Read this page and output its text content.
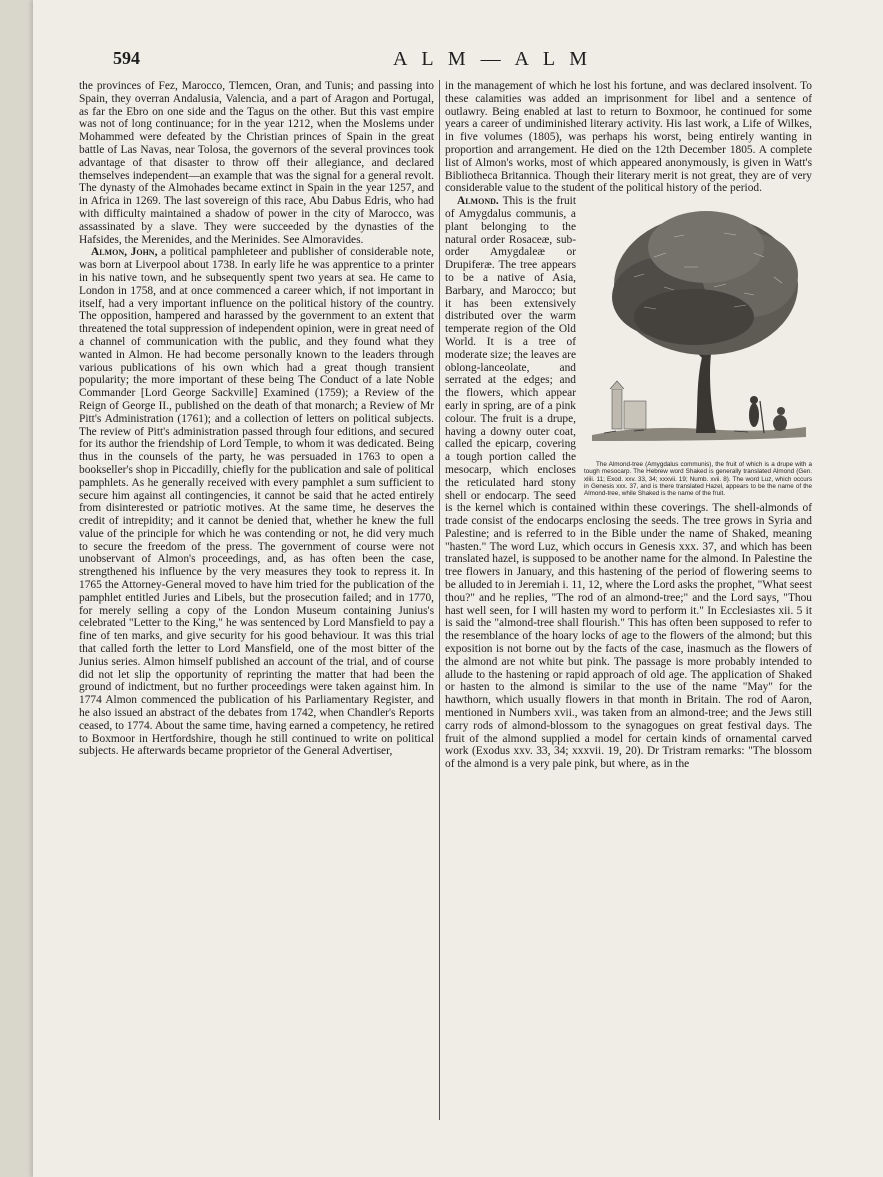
594	A L M — A L M

the provinces of Fez, Marocco, Tlemcen, Oran, and Tunis; and passing into Spain, they overran Andalusia, Valencia, and a part of Aragon and Portugal, as far the Ebro on one side and the Tagus on the other. But this vast empire was not of long continuance; for in the year 1212, when the Moslems under Mohammed were defeated by the Christian princes of Spain in the great battle of Las Navas, near Tolosa, the governors of the several provinces took advantage of that disaster to throw off their allegiance, and declared themselves independent—an example that was the signal for a general revolt. The dynasty of the Almohades became extinct in Spain in the year 1257, and in Africa in 1269. The last sovereign of this race, Abu Dabus Edris, who had with difficulty maintained a shadow of power in the city of Marocco, was assassinated by a slave. They were succeeded by the dynasties of the Hafsides, the Merenides, and the Merinides. See Almoravides.

Almon, John, a political pamphleteer and publisher of considerable note, was born at Liverpool about 1738. In early life he was apprentice to a printer in his native town, and he subsequently spent two years at sea. He came to London in 1758, and at once commenced a career which, if not important in itself, had a very important influence on the political history of the country. The opposition, hampered and harassed by the government to an extent that threatened the total suppression of independent opinion, were in great need of a channel of communication with the public, and they found what they wanted in Almon. He had become personally known to the leaders through various publications of his own which had a great though transient popularity; the more important of these being The Conduct of a late Noble Commander [Lord George Sackville] Examined (1759); a Review of the Reign of George II., published on the death of that monarch; a Review of Mr Pitt's Administration (1761); and a collection of letters on political subjects. The review of Pitt's administration passed through four editions, and secured for its author the friendship of Lord Temple, to whom it was dedicated. Being thus in the counsels of the party, he was persuaded in 1763 to open a bookseller's shop in Piccadilly, chiefly for the publication and sale of political pamphlets. As he generally received with every pamphlet a sum sufficient to secure him against all contingencies, it cannot be said that he acted entirely from disinterested or patriotic motives. At the same time, he deserves the credit of intrepidity; and it cannot be denied that, whether he knew the full value of the principle for which he was contending or not, he did very much to secure the freedom of the press. The government of course were not unobservant of Almon's proceedings, and, as has often been the case, strengthened his influence by the very measures they took to repress it. In 1765 the Attorney-General moved to have him tried for the publication of the pamphlet entitled Juries and Libels, but the prosecution failed; and in 1770, for merely selling a copy of the London Museum containing Junius's celebrated "Letter to the King," he was sentenced by Lord Mansfield to pay a fine of ten marks, and give security for his good behaviour. It was this trial that called forth the letter to Lord Mansfield, one of the most bitter of the Junius series. Almon himself published an account of the trial, and of course did not let slip the opportunity of reprinting the matter that had been the ground of indictment, but no further proceedings were taken against him. In 1774 Almon commenced the publication of his Parliamentary Register, and he also issued an abstract of the debates from 1742, when Chandler's Reports ceased, to 1774. About the same time, having earned a competency, he retired to Boxmoor in Hertfordshire, though he still continued to write on political subjects. He afterwards became proprietor of the General Advertiser,

in the management of which he lost his fortune, and was declared insolvent. To these calamities was added an imprisonment for libel and a sentence of outlawry. Being enabled at last to return to Boxmoor, he continued for some years a career of undiminished literary activity. His last work, a Life of Wilkes, in five volumes (1805), was perhaps his worst, being entirely wanting in proportion and arrangement. He died on the 12th December 1805. A complete list of Almon's works, most of which appeared anonymously, is given in Watt's Bibliotheca Britannica. Though their literary merit is not great, they are of very considerable value to the student of the political history of the period.

The Almond-tree (Amygdalus communis), the fruit of which is a drupe with a tough mesocarp. The Hebrew word Shaked is generally translated Almond (Gen. xliii. 11; Exod. xxv. 33, 34; xxxvii. 19; Numb. xvii. 8). The word Luz, which occurs in Genesis xxx. 37, and is there translated Hazel, appears to be the name of the Almond-tree, while Shaked is the name of the fruit.
Almond. This is the fruit of Amygdalus communis, a plant belonging to the natural order Rosaceæ, sub-order Amygdaleæ or Drupiferæ. The tree appears to be a native of Asia, Barbary, and Marocco; but it has been extensively distributed over the warm temperate region of the Old World. It is a tree of moderate size; the leaves are oblong-lanceolate, and serrated at the edges; and the flowers, which appear early in spring, are of a pink colour. The fruit is a drupe, having a downy outer coat, called the epicarp, covering a tough portion called the mesocarp, which encloses the reticulated hard stony shell or endocarp. The seed is the kernel which is contained within these coverings. The shell-almonds of trade consist of the endocarps enclosing the seeds. The tree grows in Syria and Palestine; and is referred to in the Bible under the name of Shaked, meaning "hasten." The word Luz, which occurs in Genesis xxx. 37, and which has been translated hazel, is supposed to be another name for the almond. In Palestine the tree flowers in January, and this hastening of the period of flowering seems to be alluded to in Jeremiah i. 11, 12, where the Lord asks the prophet, "What seest thou?" and he replies, "The rod of an almond-tree;" and the Lord says, "Thou hast well seen, for I will hasten my word to perform it." In Ecclesiastes xii. 5 it is said the "almond-tree shall flourish." This has often been supposed to refer to the resemblance of the hoary locks of age to the flowers of the almond; but this exposition is not borne out by the facts of the case, inasmuch as the flowers of the almond are not white but pink. The passage is more probably intended to allude to the hastening or rapid approach of old age. The application of Shaked or hasten to the almond is similar to the use of the name "May" for the hawthorn, which usually flowers in that month in Britain. The rod of Aaron, mentioned in Numbers xvii., was taken from an almond-tree; and the Jews still carry rods of almond-blossom to the synagogues on great festival days. The fruit of the almond supplied a model for certain kinds of ornamental carved work (Exodus xxv. 33, 34; xxxvii. 19, 20). Dr Tristram remarks: "The blossom of the almond is a very pale pink, but where, as in the
